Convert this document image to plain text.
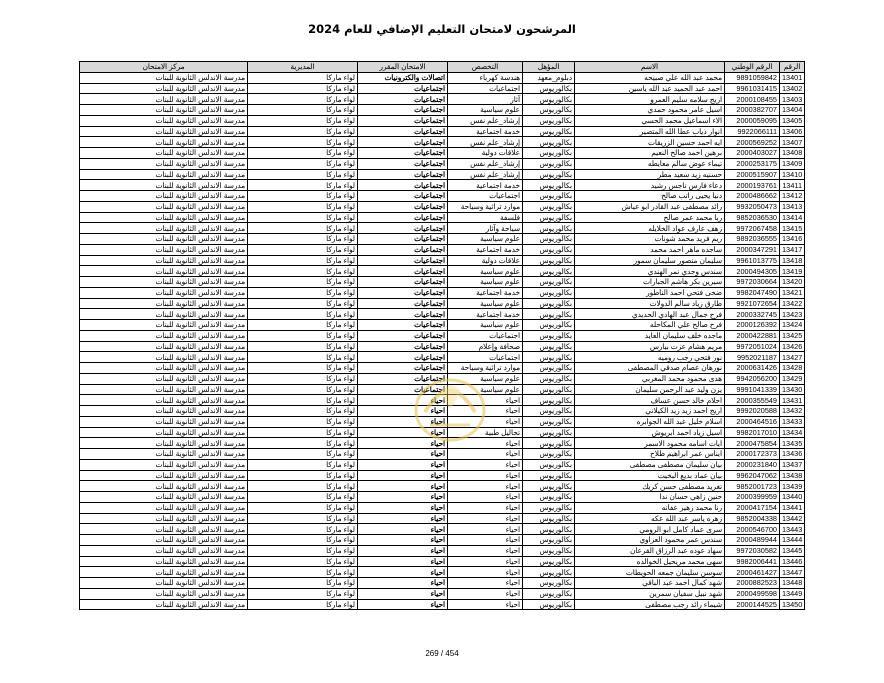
المرشحون لامتحان التعليم الإضافي للعام 2024
الرقم	الرقم الوطني	الاسم	المؤهل	التخصص	الامتحان المقرر	المديرية	مركز الامتحان
13401	9891059842	محمد عبد الله علي صبيحه	دبلوم_معهد	هندسة كهرباء	اتصالات والكترونيات	لواء ماركا	مدرسة الاندلس الثانوية للبنات
13402	9961031415	احمد عبد الحميد عبد الله ياسين	بكالوريوس	اجتماعيات	اجتماعيات	لواء ماركا	مدرسة الاندلس الثانوية للبنات
13403	2000108455	اريج سلامه سليم العمرو	بكالوريوس	آثار	اجتماعيات	لواء ماركا	مدرسة الاندلس الثانوية للبنات
13404	2000382707	اسيل عامر محمود حمدي	بكالوريوس	علوم سياسية	اجتماعيات	لواء ماركا	مدرسة الاندلس الثانوية للبنات
13405	2000059095	الاء اسماعيل محمد الحسي	بكالوريوس	إرشاد_علم نفس	اجتماعيات	لواء ماركا	مدرسة الاندلس الثانوية للبنات
13406	9922066111	انوار ذياب عطا الله المتصير	بكالوريوس	خدمة اجتماعية	اجتماعيات	لواء ماركا	مدرسة الاندلس الثانوية للبنات
13407	2000569252	ايه احمد حسين الزريقات	بكالوريوس	إرشاد_علم نفس	اجتماعيات	لواء ماركا	مدرسة الاندلس الثانوية للبنات
13408	2000403027	برهين احمد صالح النعيم	بكالوريوس	علاقات دولية	اجتماعيات	لواء ماركا	مدرسة الاندلس الثانوية للبنات
13409	2000253175	تيماء عوض سالم معايطه	بكالوريوس	إرشاد_علم نفس	اجتماعيات	لواء ماركا	مدرسة الاندلس الثانوية للبنات
13410	2000515907	حسنيه زيد سعيد مطر	بكالوريوس	إرشاد_علم نفس	اجتماعيات	لواء ماركا	مدرسة الاندلس الثانوية للبنات
13411	2000193761	دعاء فارس ناجس رشيد	بكالوريوس	خدمة اجتماعية	اجتماعيات	لواء ماركا	مدرسة الاندلس الثانوية للبنات
13412	2000486662	دنيا يحيى راتب صالح	بكالوريوس	اجتماعيات	اجتماعيات	لواء ماركا	مدرسة الاندلس الثانوية للبنات
13413	9932050473	رائد مصطفى عبد القادر ابو عياش	بكالوريوس	موارد تراثية وسياحة	اجتماعيات	لواء ماركا	مدرسة الاندلس الثانوية للبنات
13414	9852036530	ربا محمد عمر صالح	بكالوريوس	فلسفة	اجتماعيات	لواء ماركا	مدرسة الاندلس الثانوية للبنات
13415	9972067458	زهف عارف عواد الخلايله	بكالوريوس	سياحة وآثار	اجتماعيات	لواء ماركا	مدرسة الاندلس الثانوية للبنات
13416	9892036555	ريم فريد محمد شونات	بكالوريوس	علوم سياسية	اجتماعيات	لواء ماركا	مدرسة الاندلس الثانوية للبنات
13417	2000347291	ساجده ماهر احمد محمد	بكالوريوس	خدمة اجتماعية	اجتماعيات	لواء ماركا	مدرسة الاندلس الثانوية للبنات
13418	9961013775	سليمان منصور سليمان سمور	بكالوريوس	علاقات دولية	اجتماعيات	لواء ماركا	مدرسة الاندلس الثانوية للبنات
13419	2000494305	سندس وجدي نمر الهندي	بكالوريوس	علوم سياسية	اجتماعيات	لواء ماركا	مدرسة الاندلس الثانوية للبنات
13420	9972030664	سيرين بكر هاشم الجبارات	بكالوريوس	علوم سياسية	اجتماعيات	لواء ماركا	مدرسة الاندلس الثانوية للبنات
13421	9982047490	ضحى فتحي احمد الناطور	بكالوريوس	خدمة اجتماعية	اجتماعيات	لواء ماركا	مدرسة الاندلس الثانوية للبنات
13422	9921072654	طارق زياد سالم الدولات	بكالوريوس	علوم سياسية	اجتماعيات	لواء ماركا	مدرسة الاندلس الثانوية للبنات
13423	2000332745	فرح جمال عبد الهادي الحديدي	بكالوريوس	خدمة اجتماعية	اجتماعيات	لواء ماركا	مدرسة الاندلس الثانوية للبنات
13424	2000126392	فرح صالح علي المكاحله	بكالوريوس	علوم سياسية	اجتماعيات	لواء ماركا	مدرسة الاندلس الثانوية للبنات
13425	2000422881	ماجده خلف سليمان العايد	بكالوريوس	اجتماعيات	اجتماعيات	لواء ماركا	مدرسة الاندلس الثانوية للبنات
13426	9972051024	مريم هشام عزت بيارس	بكالوريوس	صحافة وإعلام	اجتماعيات	لواء ماركا	مدرسة الاندلس الثانوية للبنات
13427	9952021187	نور فتحي رجب روميه	بكالوريوس	اجتماعيات	اجتماعيات	لواء ماركا	مدرسة الاندلس الثانوية للبنات
13428	2000631426	نورهان عصام صدقي المصطفى	بكالوريوس	موارد تراثية وسياحة	اجتماعيات	لواء ماركا	مدرسة الاندلس الثانوية للبنات
13429	9942056200	هدى محمود محمد المغربي	بكالوريوس	علوم سياسية	اجتماعيات	لواء ماركا	مدرسة الاندلس الثانوية للبنات
13430	9991041339	يزن وليد عبد الرحمن سليمان	بكالوريوس	علوم سياسية	اجتماعيات	لواء ماركا	مدرسة الاندلس الثانوية للبنات
13431	2000355549	احلام خالد حسن عساف	بكالوريوس	احياء	احياء	لواء ماركا	مدرسة الاندلس الثانوية للبنات
13432	9992020588	اريج احمد زيد زيد الكيلاني	بكالوريوس	احياء	احياء	لواء ماركا	مدرسة الاندلس الثانوية للبنات
13433	2000464516	اسلام خليل عبد الله الجوابره	بكالوريوس	احياء	احياء	لواء ماركا	مدرسة الاندلس الثانوية للبنات
13434	9982017010	اسيل زياد احمد ابريوش	بكالوريوس	تحاليل طبية	احياء	لواء ماركا	مدرسة الاندلس الثانوية للبنات
13435	2000475854	ايات اسامه محمود الاسمر	بكالوريوس	احياء	احياء	لواء ماركا	مدرسة الاندلس الثانوية للبنات
13436	2000172373	ايناس عمر ابراهيم طلاح	بكالوريوس	احياء	احياء	لواء ماركا	مدرسة الاندلس الثانوية للبنات
13437	2000231840	بيان سليمان مصطفى مصطفى	بكالوريوس	احياء	احياء	لواء ماركا	مدرسة الاندلس الثانوية للبنات
13438	9962047062	بيان عماد بديع البخيت	بكالوريوس	احياء	احياء	لواء ماركا	مدرسة الاندلس الثانوية للبنات
13439	9852001723	تغريد مصطفى حسن كريك	بكالوريوس	احياء	احياء	لواء ماركا	مدرسة الاندلس الثانوية للبنات
13440	2000399959	حنين زاهي حسان ندا	بكالوريوس	احياء	احياء	لواء ماركا	مدرسة الاندلس الثانوية للبنات
13441	2000417154	رنا محمد زهير عفانه	بكالوريوس	احياء	احياء	لواء ماركا	مدرسة الاندلس الثانوية للبنات
13442	9852004338	زهره ياسر عبد الله عكه	بكالوريوس	احياء	احياء	لواء ماركا	مدرسة الاندلس الثانوية للبنات
13443	2000546700	سرى عماد كامل ابو الرومي	بكالوريوس	احياء	احياء	لواء ماركا	مدرسة الاندلس الثانوية للبنات
13444	2000489944	سندس عمر محمود العزاوي	بكالوريوس	احياء	احياء	لواء ماركا	مدرسة الاندلس الثانوية للبنات
13445	9972030582	سهاد عوده عبد الرزاق القرعان	بكالوريوس	احياء	احياء	لواء ماركا	مدرسة الاندلس الثانوية للبنات
13446	9982006441	سهى محمد مريحيل الخوالده	بكالوريوس	احياء	احياء	لواء ماركا	مدرسة الاندلس الثانوية للبنات
13447	2000461427	سوسن سليمان جمعه الحويطات	بكالوريوس	احياء	احياء	لواء ماركا	مدرسة الاندلس الثانوية للبنات
13448	2000882523	شهد كمال احمد عبد الباقي	بكالوريوس	احياء	احياء	لواء ماركا	مدرسة الاندلس الثانوية للبنات
13449	2000499598	شهد نبيل سفيان سمرين	بكالوريوس	احياء	احياء	لواء ماركا	مدرسة الاندلس الثانوية للبنات
13450	2000144525	شيماء رائد رجب مصطفى	بكالوريوس	احياء	احياء	لواء ماركا	مدرسة الاندلس الثانوية للبنات
269 / 454
